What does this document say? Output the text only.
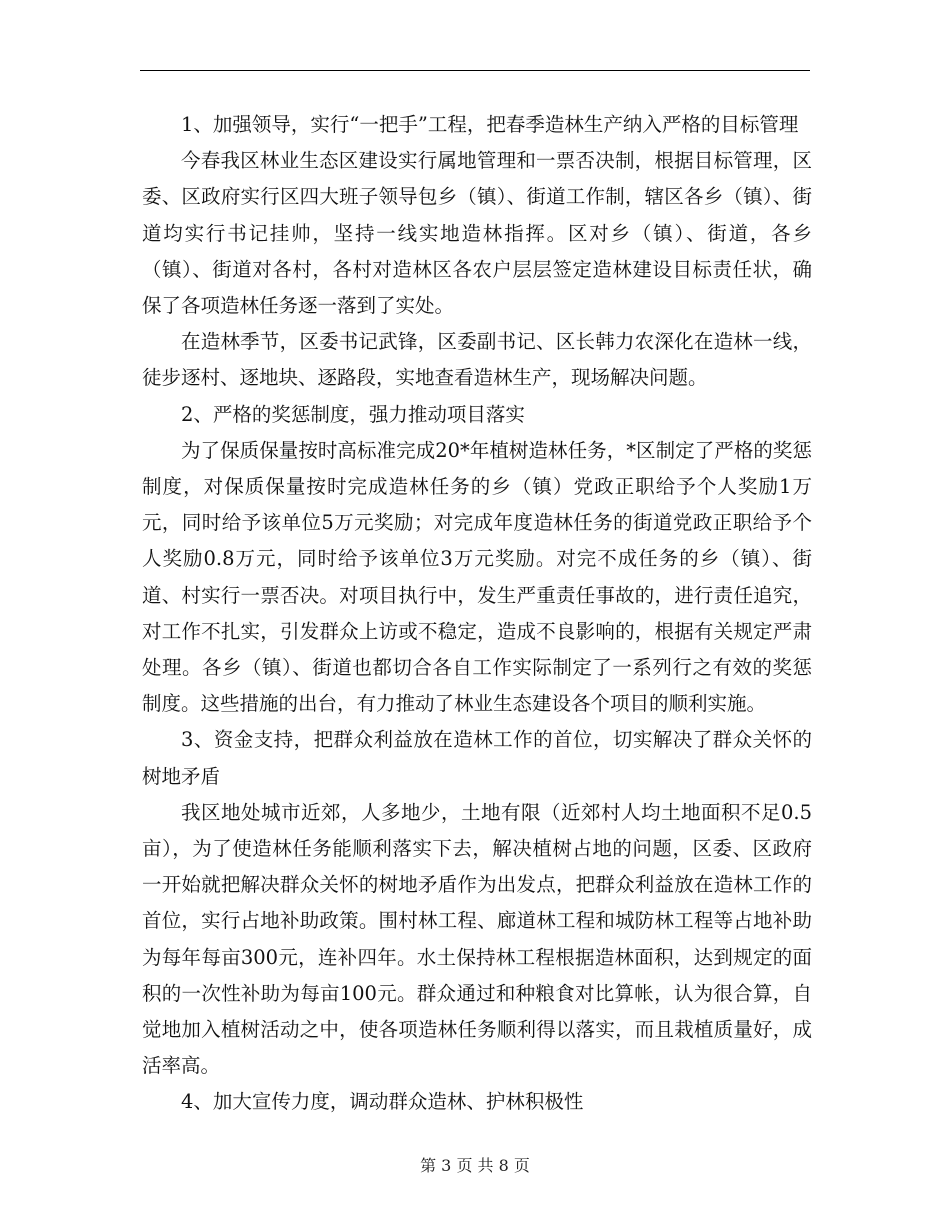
1、加强领导，实行“一把手”工程，把春季造林生产纳入严格的目标管理

今春我区林业生态区建设实行属地管理和一票否决制，根据目标管理，区委、区政府实行区四大班子领导包乡（镇）、街道工作制，辖区各乡（镇）、街道均实行书记挂帅，坚持一线实地造林指挥。区对乡（镇）、街道，各乡（镇）、街道对各村，各村对造林区各农户层层签定造林建设目标责任状，确保了各项造林任务逐一落到了实处。

在造林季节，区委书记武锋，区委副书记、区长韩力农深化在造林一线，徒步逐村、逐地块、逐路段，实地查看造林生产，现场解决问题。

2、严格的奖惩制度，强力推动项目落实

为了保质保量按时高标准完成20*年植树造林任务，*区制定了严格的奖惩制度，对保质保量按时完成造林任务的乡（镇）党政正职给予个人奖励1万元，同时给予该单位5万元奖励；对完成年度造林任务的街道党政正职给予个人奖励0.8万元，同时给予该单位3万元奖励。对完不成任务的乡（镇）、街道、村实行一票否决。对项目执行中，发生严重责任事故的，进行责任追究，对工作不扎实，引发群众上访或不稳定，造成不良影响的，根据有关规定严肃处理。各乡（镇）、街道也都切合各自工作实际制定了一系列行之有效的奖惩制度。这些措施的出台，有力推动了林业生态建设各个项目的顺利实施。

3、资金支持，把群众利益放在造林工作的首位，切实解决了群众关怀的树地矛盾

我区地处城市近郊，人多地少，土地有限（近郊村人均土地面积不足0.5亩），为了使造林任务能顺利落实下去，解决植树占地的问题，区委、区政府一开始就把解决群众关怀的树地矛盾作为出发点，把群众利益放在造林工作的首位，实行占地补助政策。围村林工程、廊道林工程和城防林工程等占地补助为每年每亩300元，连补四年。水土保持林工程根据造林面积，达到规定的面积的一次性补助为每亩100元。群众通过和种粮食对比算帐，认为很合算，自觉地加入植树活动之中，使各项造林任务顺利得以落实，而且栽植质量好，成活率高。

4、加大宣传力度，调动群众造林、护林积极性

第 3 页 共 8 页
